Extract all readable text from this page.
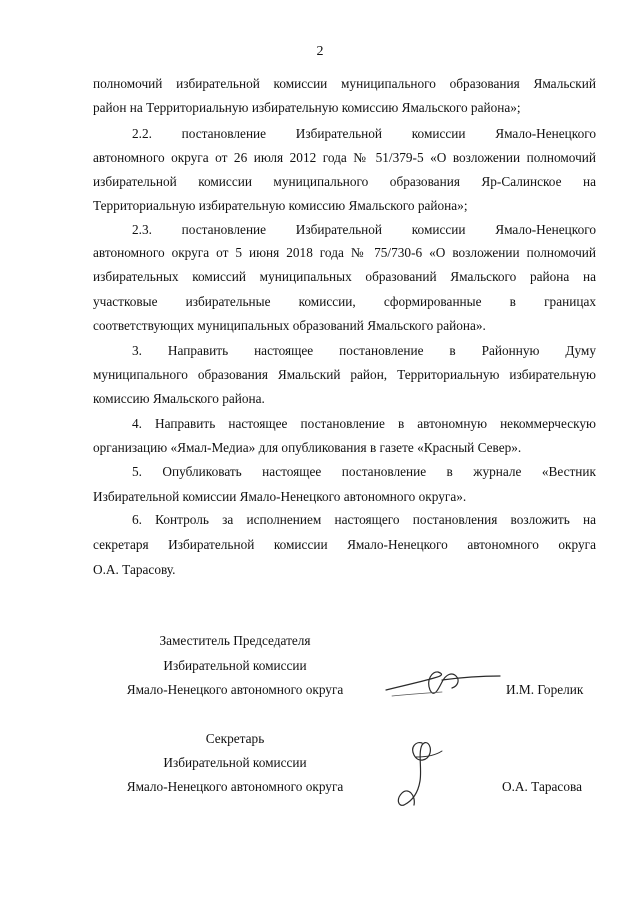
2
полномочий избирательной комиссии муниципального образования Ямальский
район на Территориальную избирательную комиссию Ямальского района»;
2.2. постановление Избирательной комиссии Ямало-Ненецкого
автономного округа от 26 июля 2012 года № 51/379-5 «О возложении полномочий
избирательной комиссии муниципального образования Яр-Салинское на
Территориальную избирательную комиссию Ямальского района»;
2.3. постановление Избирательной комиссии Ямало-Ненецкого
автономного округа от 5 июня 2018 года № 75/730-6 «О возложении полномочий
избирательных комиссий муниципальных образований Ямальского района на
участковые избирательные комиссии, сформированные в границах
соответствующих муниципальных образований Ямальского района».
3. Направить настоящее постановление в Районную Думу
муниципального образования Ямальский район, Территориальную избирательную
комиссию Ямальского района.
4. Направить настоящее постановление в автономную некоммерческую
организацию «Ямал-Медиа» для опубликования в газете «Красный Север».
5. Опубликовать настоящее постановление в журнале «Вестник
Избирательной комиссии Ямало-Ненецкого автономного округа».
6. Контроль за исполнением настоящего постановления возложить на
секретаря Избирательной комиссии Ямало-Ненецкого автономного округа
О.А. Тарасову.
Заместитель Председателя
Избирательной комиссии
Ямало-Ненецкого автономного округа	И.М. Горелик
Секретарь
Избирательной комиссии
Ямало-Ненецкого автономного округа	О.А. Тарасова
